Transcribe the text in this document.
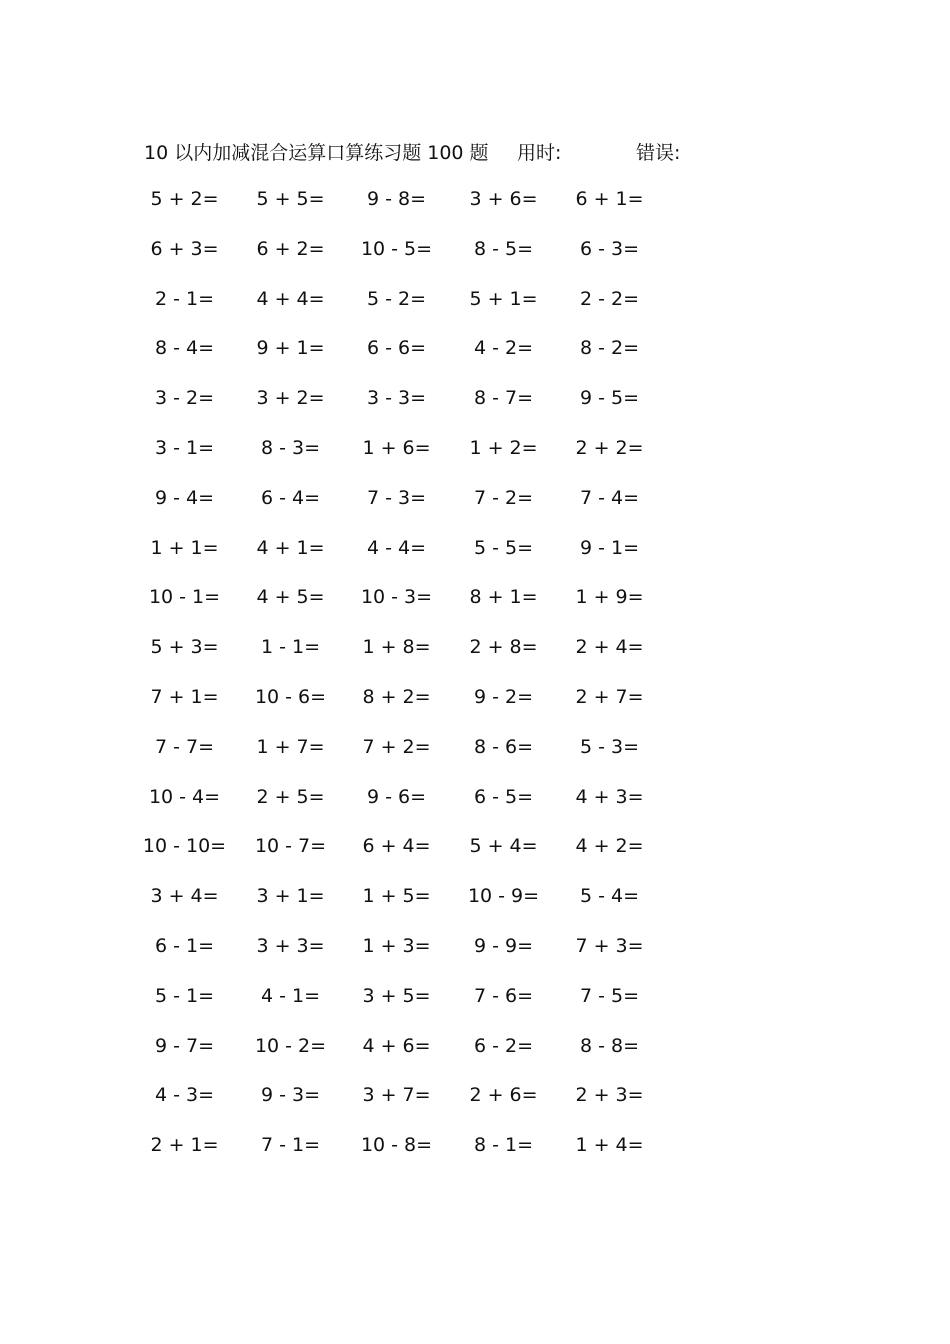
10 以内加减混合运算口算练习题 100 题 用时:	错误:
5 + 2=	5 + 5=	9 - 8=	3 + 6=	6 + 1=
6 + 3=	6 + 2=	10 - 5=	8 - 5=	6 - 3=
2 - 1=	4 + 4=	5 - 2=	5 + 1=	2 - 2=
8 - 4=	9 + 1=	6 - 6=	4 - 2=	8 - 2=
3 - 2=	3 + 2=	3 - 3=	8 - 7=	9 - 5=
3 - 1=	8 - 3=	1 + 6=	1 + 2=	2 + 2=
9 - 4=	6 - 4=	7 - 3=	7 - 2=	7 - 4=
1 + 1=	4 + 1=	4 - 4=	5 - 5=	9 - 1=
10 - 1=	4 + 5=	10 - 3=	8 + 1=	1 + 9=
5 + 3=	1 - 1=	1 + 8=	2 + 8=	2 + 4=
7 + 1=	10 - 6=	8 + 2=	9 - 2=	2 + 7=
7 - 7=	1 + 7=	7 + 2=	8 - 6=	5 - 3=
10 - 4=	2 + 5=	9 - 6=	6 - 5=	4 + 3=
10 - 10=	10 - 7=	6 + 4=	5 + 4=	4 + 2=
3 + 4=	3 + 1=	1 + 5=	10 - 9=	5 - 4=
6 - 1=	3 + 3=	1 + 3=	9 - 9=	7 + 3=
5 - 1=	4 - 1=	3 + 5=	7 - 6=	7 - 5=
9 - 7=	10 - 2=	4 + 6=	6 - 2=	8 - 8=
4 - 3=	9 - 3=	3 + 7=	2 + 6=	2 + 3=
2 + 1=	7 - 1=	10 - 8=	8 - 1=	1 + 4=
